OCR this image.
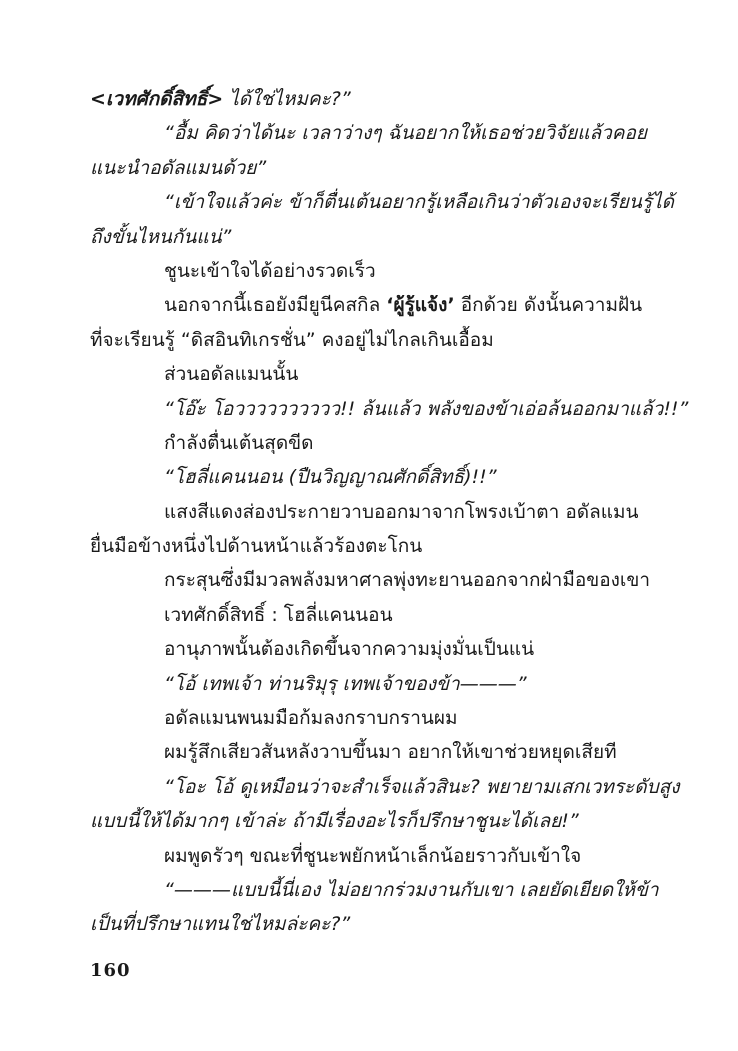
<เวทศักดิ์สิทธิ์> ได้ใช่ไหมคะ?”
“อื้ม คิดว่าได้นะ เวลาว่างๆ ฉันอยากให้เธอช่วยวิจัยแล้วคอย
แนะนำอดัลแมนด้วย”
“เข้าใจแล้วค่ะ ข้าก็ตื่นเต้นอยากรู้เหลือเกินว่าตัวเองจะเรียนรู้ได้
ถึงขั้นไหนกันแน่”
ชูนะเข้าใจได้อย่างรวดเร็ว
นอกจากนี้เธอยังมียูนีคสกิล ‘ผู้รู้แจ้ง’ อีกด้วย ดังนั้นความฝัน
ที่จะเรียนรู้ “ดิสอินทิเกรชั่น” คงอยู่ไม่ไกลเกินเอื้อม
ส่วนอดัลแมนนั้น
“โอ๊ะ โอวววววววววว!! ล้นแล้ว พลังของข้าเอ่อล้นออกมาแล้ว!!”
กำลังตื่นเต้นสุดขีด
“โฮลี่แคนนอน (ปืนวิญญาณศักดิ์สิทธิ์)!!”
แสงสีแดงส่องประกายวาบออกมาจากโพรงเบ้าตา อดัลแมน
ยื่นมือข้างหนึ่งไปด้านหน้าแล้วร้องตะโกน
กระสุนซึ่งมีมวลพลังมหาศาลพุ่งทะยานออกจากฝ่ามือของเขา
เวทศักดิ์สิทธิ์ : โฮลี่แคนนอน
อานุภาพนั้นต้องเกิดขึ้นจากความมุ่งมั่นเป็นแน่
“โอ้ เทพเจ้า ท่านริมุรุ เทพเจ้าของข้า———”
อดัลแมนพนมมือก้มลงกราบกรานผม
ผมรู้สึกเสียวสันหลังวาบขึ้นมา อยากให้เขาช่วยหยุดเสียที
“โอะ โอ้ ดูเหมือนว่าจะสำเร็จแล้วสินะ? พยายามเสกเวทระดับสูง
แบบนี้ให้ได้มากๆ เข้าล่ะ ถ้ามีเรื่องอะไรก็ปรึกษาชูนะได้เลย!”
ผมพูดรัวๆ ขณะที่ชูนะพยักหน้าเล็กน้อยราวกับเข้าใจ
“———แบบนี้นี่เอง ไม่อยากร่วมงานกับเขา เลยยัดเยียดให้ข้า
เป็นที่ปรึกษาแทนใช่ไหมล่ะคะ?”
160
